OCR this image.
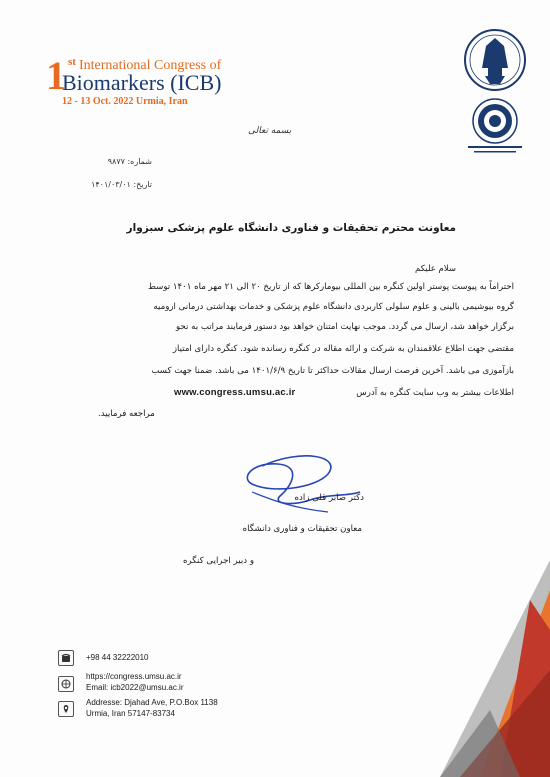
1 st International Congress of
Biomarkers (ICB)
12 - 13 Oct. 2022 Urmia, Iran
بسمه تعالی
شماره: ۹۸۷۷
تاریخ: ۱۴۰۱/۰۳/۰۱
معاونت محترم تحقیقات و فناوری دانشگاه علوم پزشکی سبزوار
سلام علیکم
احتراماً به پیوست پوستر اولین کنگره بین المللی بیومارکرها که از تاریخ ۲۰ الی ۲۱ مهر ماه ۱۴۰۱ توسط
گروه بیوشیمی بالینی و علوم سلولی کاربردی دانشگاه علوم پزشکی و خدمات بهداشتی درمانی ارومیه
برگزار خواهد شد، ارسال می گردد. موجب نهایت امتنان خواهد بود دستور فرمایند مراتب به نحو
مقتضی جهت اطلاع علاقمندان به شرکت و ارائه مقاله در کنگره رسانده شود. کنگره دارای امتیاز
بازآموزی می باشد. آخرین فرصت ارسال مقالات حداکثر تا تاریخ ۱۴۰۱/۶/۹ می باشد. ضمنا جهت کسب
اطلاعات بیشتر به وب سایت کنگره به آدرس
www.congress.umsu.ac.ir
مراجعه فرمایید.
دکتر صابر قلی زاده
معاون تحقیقات و فناوری دانشگاه
و دبیر اجرایی کنگره
+98 44 32222010
https://congress.umsu.ac.ir
Email: icb2022@umsu.ac.ir
Addresse: Djahad Ave, P.O.Box 1138
Urmia, Iran 57147-83734
